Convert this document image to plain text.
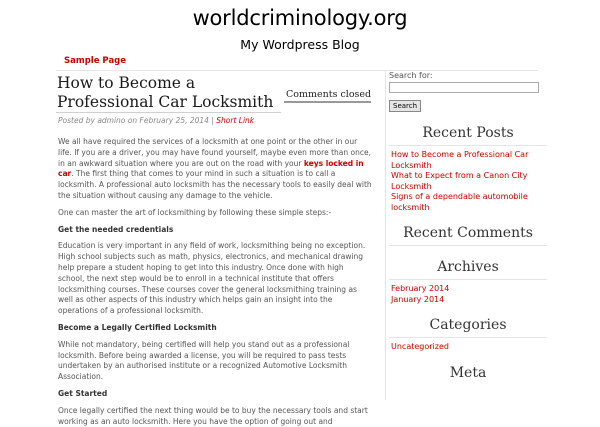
worldcriminology.org
My Wordpress Blog
Sample Page
How to Become a Professional Car Locksmith	Comments closed
Posted by admino on February 25, 2014 | Short Link

We all have required the services of a locksmith at one point or the other in our life. If you are a driver, you may have found yourself, maybe even more than once, in an awkward situation where you are out on the road with your keys locked in car. The first thing that comes to your mind in such a situation is to call a locksmith. A professional auto locksmith has the necessary tools to easily deal with the situation without causing any damage to the vehicle.

One can master the art of locksmithing by following these simple steps:-

Get the needed credentials

Education is very important in any field of work, locksmithing being no exception. High school subjects such as math, physics, electronics, and mechanical drawing help prepare a student hoping to get into this industry. Once done with high school, the next step would be to enroll in a technical institute that offers locksmithing courses. These courses cover the general locksmithing training as well as other aspects of this industry which helps gain an insight into the operations of a professional locksmith.

Become a Legally Certified Locksmith

While not mandatory, being certified will help you stand out as a professional locksmith. Before being awarded a license, you will be required to pass tests undertaken by an authorised institute or a recognized Automotive Locksmith Association.

Get Started

Once legally certified the next thing would be to buy the necessary tools and start working as an auto locksmith. Here you have the option of going out and

Search for:
Search
Recent Posts
How to Become a Professional Car Locksmith
What to Expect from a Canon City Locksmith
Signs of a dependable automobile locksmith
Recent Comments
Archives
February 2014
January 2014
Categories
Uncategorized
Meta
